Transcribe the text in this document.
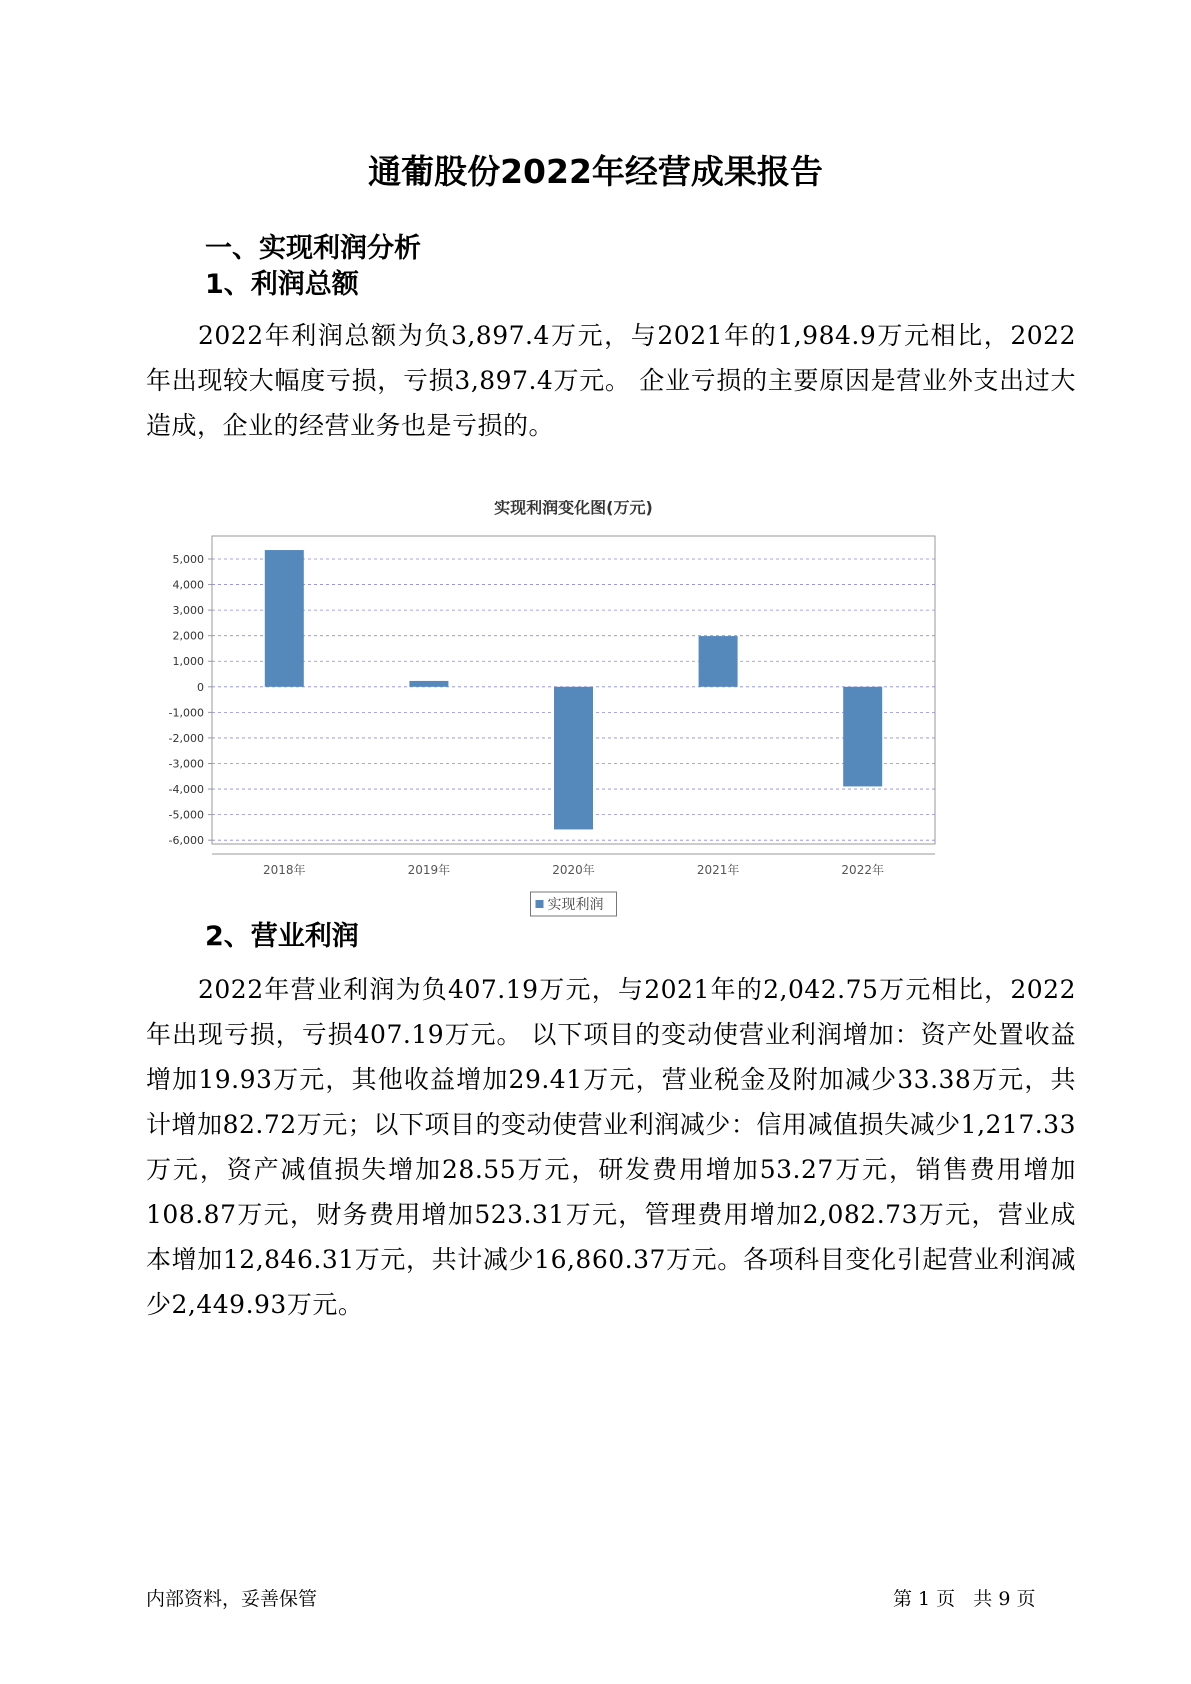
通葡股份2022年经营成果报告
一、实现利润分析
1、利润总额

2022年利润总额为负3,897.4万元，与2021年的1,984.9万元相比，2022年出现较大幅度亏损，亏损3,897.4万元。 企业亏损的主要原因是营业外支出过大造成，企业的经营业务也是亏损的。

实现利润变化图(万元)
5,000
4,000
3,000
2,000
1,000
0
-1,000
-2,000
-3,000
-4,000
-5,000
-6,000
2018年	2019年	2020年	2021年	2022年
实现利润
2、营业利润

2022年营业利润为负407.19万元，与2021年的2,042.75万元相比，2022年出现亏损，亏损407.19万元。 以下项目的变动使营业利润增加：资产处置收益增加19.93万元，其他收益增加29.41万元，营业税金及附加减少33.38万元，共计增加82.72万元；以下项目的变动使营业利润减少：信用减值损失减少1,217.33万元，资产减值损失增加28.55万元，研发费用增加53.27万元，销售费用增加108.87万元，财务费用增加523.31万元，管理费用增加2,082.73万元，营业成本增加12,846.31万元，共计减少16,860.37万元。各项科目变化引起营业利润减少2,449.93万元。

内部资料，妥善保管	第 1 页   共 9 页
